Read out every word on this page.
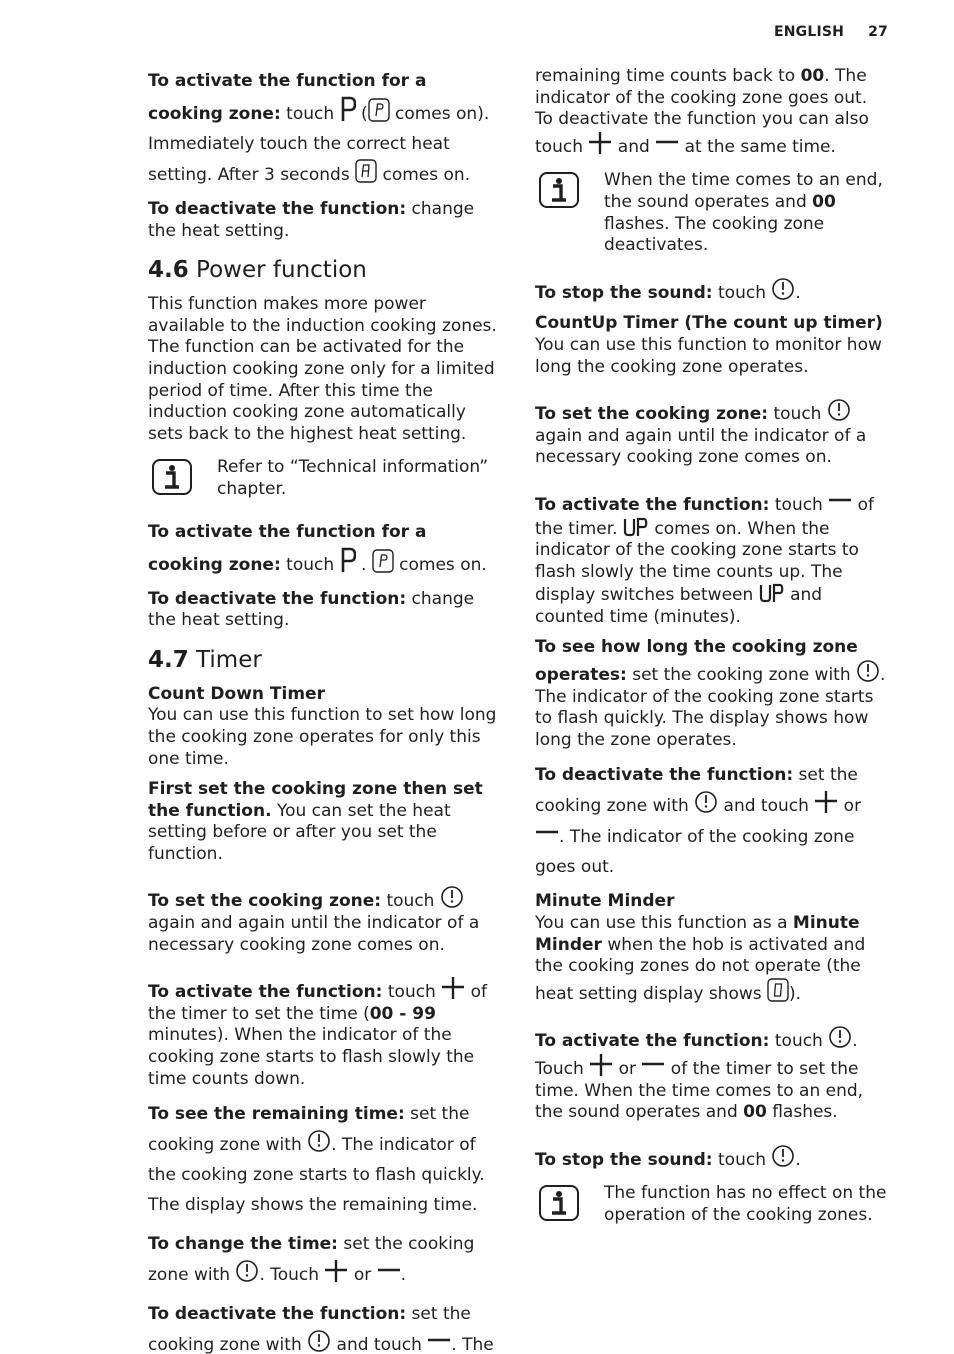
ENGLISH 27

To activate the function for a cooking zone: touch
(
comes on). Immediately touch the correct heat setting. After 3 seconds
comes on.

To deactivate the function: change the heat setting.

4.6 Power function

This function makes more power available to the induction cooking zones. The function can be activated for the induction cooking zone only for a limited period of time. After this time the induction cooking zone automatically sets back to the highest heat setting.

Refer to “Technical information” chapter.

To activate the function for a cooking zone: touch
.
comes on.

To deactivate the function: change the heat setting.

4.7 Timer

Count Down Timer
You can use this function to set how long the cooking zone operates for only this one time.

First set the cooking zone then set the function. You can set the heat setting before or after you set the function.

To set the cooking zone: touch
again and again until the indicator of a necessary cooking zone comes on.

To activate the function: touch
of the timer to set the time (00 - 99 minutes). When the indicator of the cooking zone starts to flash slowly the time counts down.

To see the remaining time: set the cooking zone with
. The indicator of the cooking zone starts to flash quickly. The display shows the remaining time.

To change the time: set the cooking zone with
. Touch
or
.

To deactivate the function: set the cooking zone with
and touch
. The

remaining time counts back to 00. The indicator of the cooking zone goes out. To deactivate the function you can also touch
and
at the same time.

When the time comes to an end, the sound operates and 00 flashes. The cooking zone deactivates.

To stop the sound: touch
.

CountUp Timer (The count up timer)
You can use this function to monitor how long the cooking zone operates.

To set the cooking zone: touch
again and again until the indicator of a necessary cooking zone comes on.

To activate the function: touch
of the timer.
comes on. When the indicator of the cooking zone starts to flash slowly the time counts up. The display switches between
and counted time (minutes).

To see how long the cooking zone operates: set the cooking zone with
. The indicator of the cooking zone starts to flash quickly. The display shows how long the zone operates.

To deactivate the function: set the cooking zone with
and touch
or
. The indicator of the cooking zone goes out.

Minute Minder
You can use this function as a Minute Minder when the hob is activated and the cooking zones do not operate (the heat setting display shows
).

To activate the function: touch
. Touch
or
of the timer to set the time. When the time comes to an end, the sound operates and 00 flashes.

To stop the sound: touch
.

The function has no effect on the operation of the cooking zones.
